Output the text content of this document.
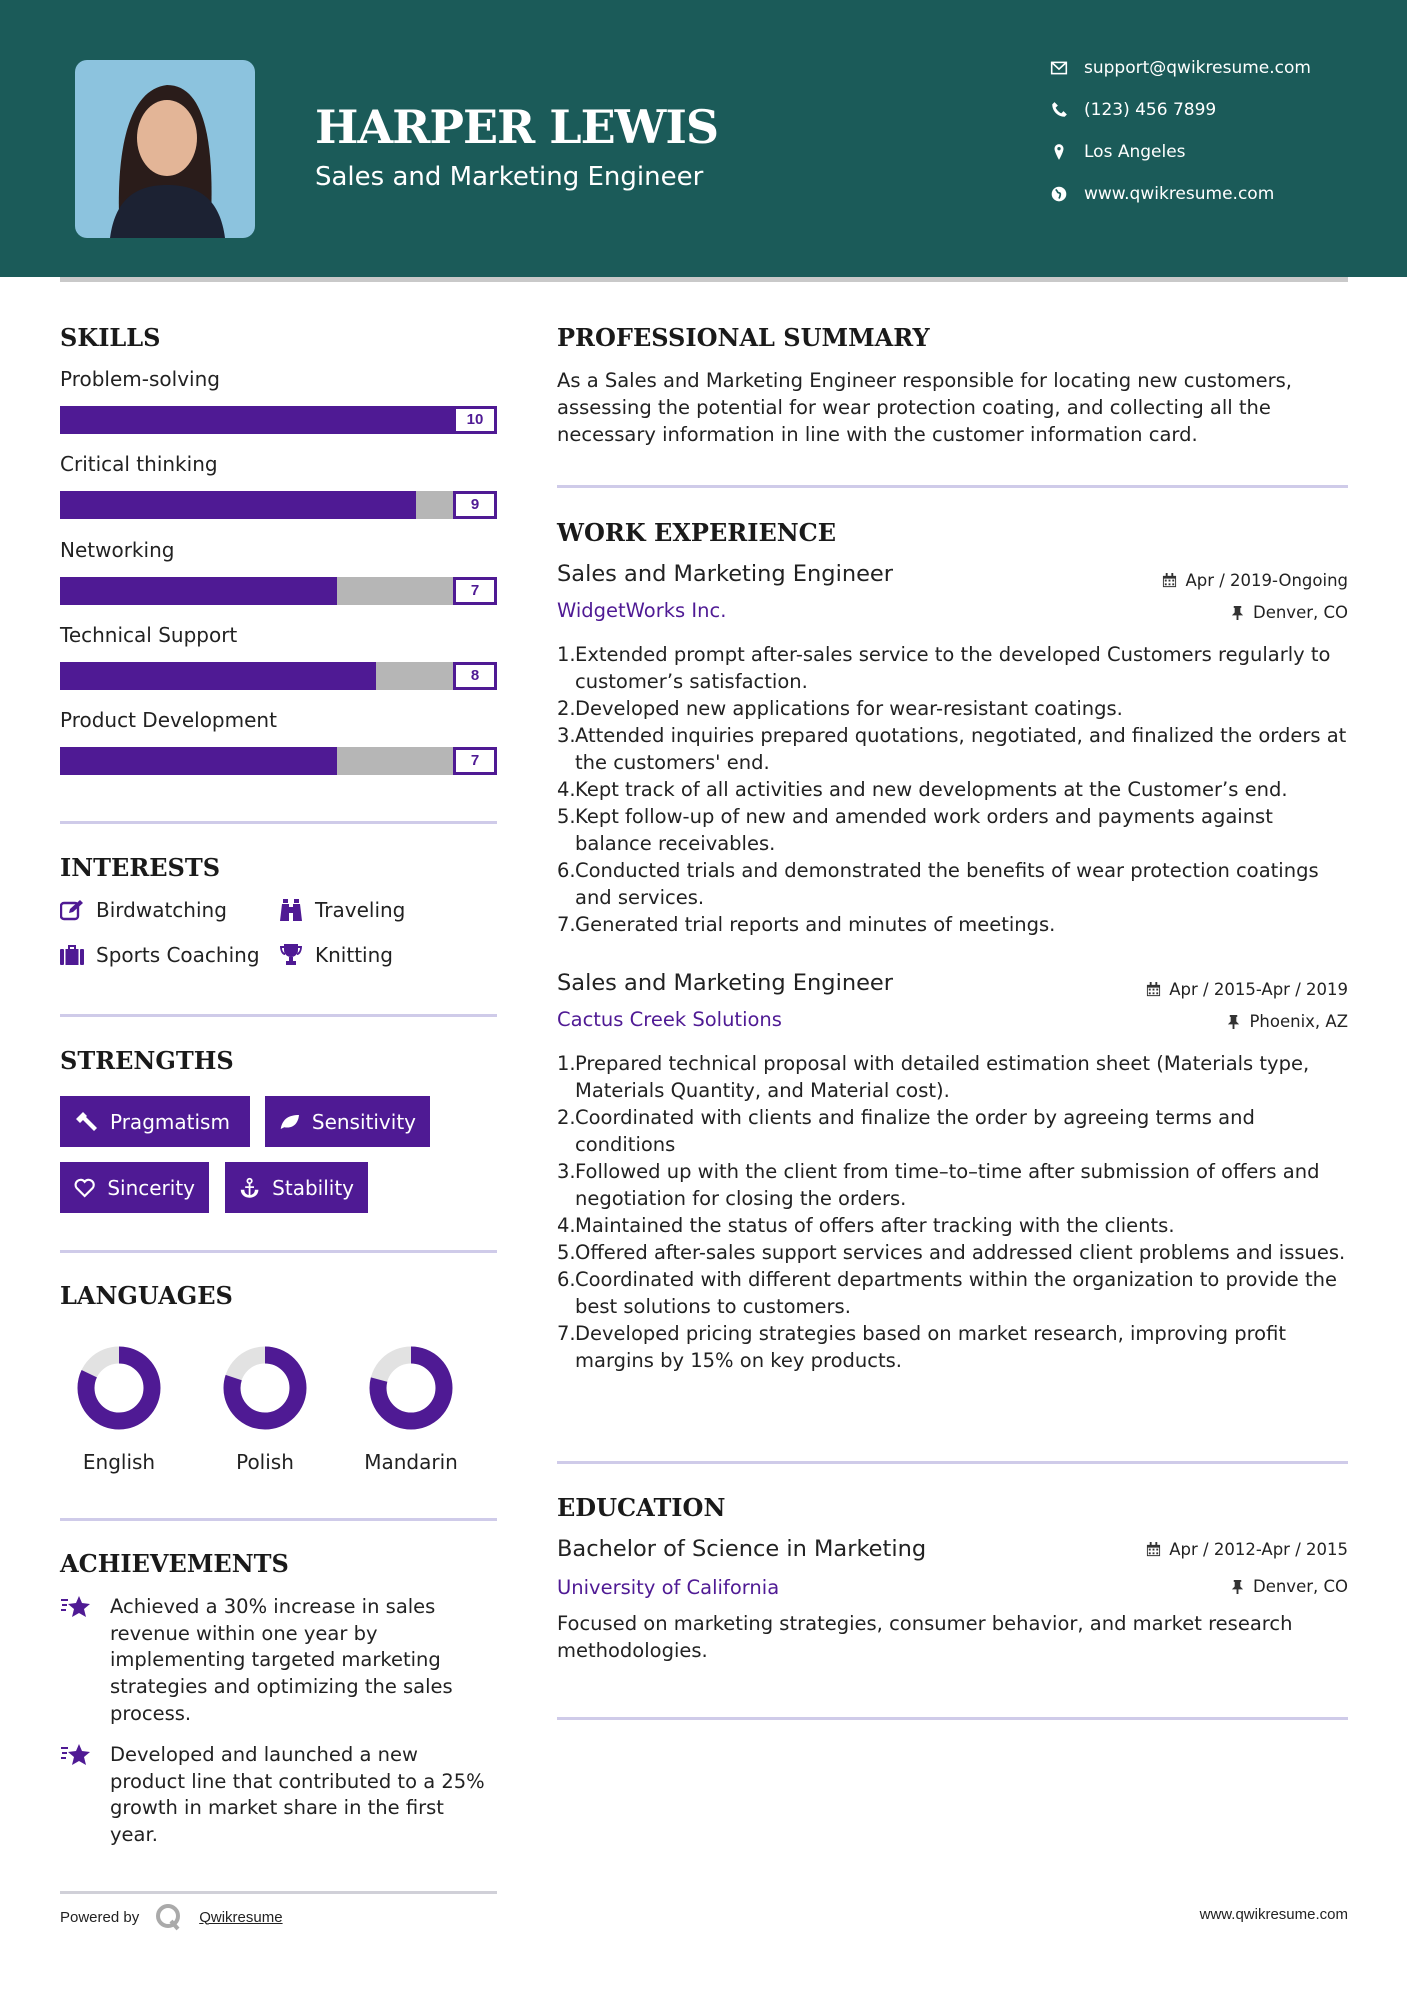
HARPER LEWIS
Sales and Marketing Engineer
support@qwikresume.com
(123) 456 7899
Los Angeles
www.qwikresume.com
SKILLS
Problem-solving
10
Critical thinking
9
Networking
7
Technical Support
8
Product Development
7
INTERESTS
Birdwatching	Traveling
Sports Coaching	Knitting
STRENGTHS
Pragmatism	Sensitivity
Sincerity	Stability
LANGUAGES
English	Polish	Mandarin
ACHIEVEMENTS
Achieved a 30% increase in sales revenue within one year by implementing targeted marketing strategies and optimizing the sales process.
Developed and launched a new product line that contributed to a 25% growth in market share in the first year.
Powered by	Qwikresume	www.qwikresume.com
PROFESSIONAL SUMMARY
As a Sales and Marketing Engineer responsible for locating new customers, assessing the potential for wear protection coating, and collecting all the necessary information in line with the customer information card.
WORK EXPERIENCE
Sales and Marketing Engineer	Apr / 2019-Ongoing
WidgetWorks Inc.	Denver, CO
1. Extended prompt after-sales service to the developed Customers regularly to customer’s satisfaction.
2. Developed new applications for wear-resistant coatings.
3. Attended inquiries prepared quotations, negotiated, and finalized the orders at the customers' end.
4. Kept track of all activities and new developments at the Customer’s end.
5. Kept follow-up of new and amended work orders and payments against balance receivables.
6. Conducted trials and demonstrated the benefits of wear protection coatings and services.
7. Generated trial reports and minutes of meetings.
Sales and Marketing Engineer	Apr / 2015-Apr / 2019
Cactus Creek Solutions	Phoenix, AZ
1. Prepared technical proposal with detailed estimation sheet (Materials type, Materials Quantity, and Material cost).
2. Coordinated with clients and finalize the order by agreeing terms and conditions
3. Followed up with the client from time–to–time after submission of offers and negotiation for closing the orders.
4. Maintained the status of offers after tracking with the clients.
5. Offered after-sales support services and addressed client problems and issues.
6. Coordinated with different departments within the organization to provide the best solutions to customers.
7. Developed pricing strategies based on market research, improving profit margins by 15% on key products.
EDUCATION
Bachelor of Science in Marketing	Apr / 2012-Apr / 2015
University of California	Denver, CO
Focused on marketing strategies, consumer behavior, and market research methodologies.
